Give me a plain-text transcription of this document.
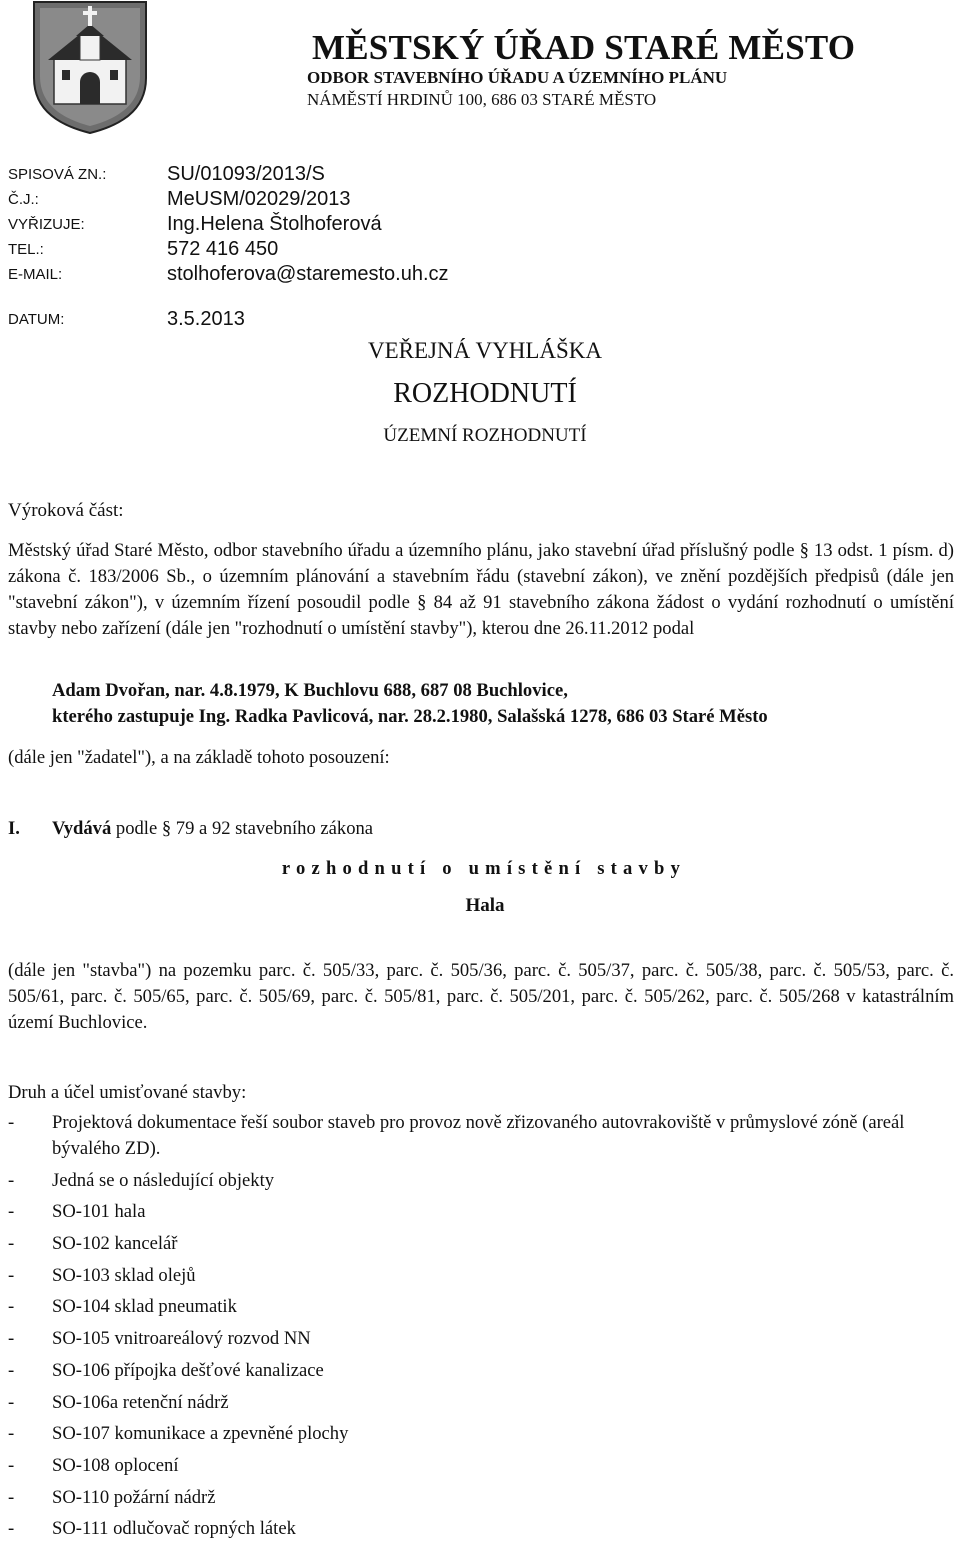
MĚSTSKÝ ÚŘAD STARÉ MĚSTO
ODBOR STAVEBNÍHO ÚŘADU A ÚZEMNÍHO PLÁNU
NÁMĚSTÍ HRDINŮ 100, 686 03 STARÉ MĚSTO
SPISOVÁ ZN.:	SU/01093/2013/S
Č.J.:	MeUSM/02029/2013
VYŘIZUJE:	Ing.Helena Štolhoferová
TEL.:	572 416 450
E-MAIL:	stolhoferova@staremesto.uh.cz
DATUM:	3.5.2013
VEŘEJNÁ VYHLÁŠKA
ROZHODNUTÍ
ÚZEMNÍ ROZHODNUTÍ
Výroková část:

Městský úřad Staré Město, odbor stavebního úřadu a územního plánu, jako stavební úřad příslušný podle § 13 odst. 1 písm. d) zákona č. 183/2006 Sb., o územním plánování a stavebním řádu (stavební zákon), ve znění pozdějších předpisů (dále jen "stavební zákon"), v územním řízení posoudil podle § 84 až 91 stavebního zákona žádost o vydání rozhodnutí o umístění stavby nebo zařízení (dále jen "rozhodnutí o umístění stavby"), kterou dne 26.11.2012 podal

Adam Dvořan, nar. 4.8.1979, K Buchlovu 688, 687 08 Buchlovice,
kterého zastupuje Ing. Radka Pavlicová, nar. 28.2.1980, Salašská 1278, 686 03 Staré Město
(dále jen "žadatel"), a na základě tohoto posouzení:
I. Vydává podle § 79 a 92 stavebního zákona
rozhodnutí o umístění stavby
Hala

(dále jen "stavba") na pozemku parc. č. 505/33, parc. č. 505/36, parc. č. 505/37, parc. č. 505/38, parc. č. 505/53, parc. č. 505/61, parc. č. 505/65, parc. č. 505/69, parc. č. 505/81, parc. č. 505/201, parc. č. 505/262, parc. č. 505/268 v katastrálním území Buchlovice.

Druh a účel umisťované stavby:
- Projektová dokumentace řeší soubor staveb pro provoz nově zřizovaného autovrakoviště v průmyslové zóně (areál bývalého ZD).
- Jedná se o následující objekty
- SO-101 hala
- SO-102 kancelář
- SO-103 sklad olejů
- SO-104 sklad pneumatik
- SO-105 vnitroareálový rozvod NN
- SO-106 přípojka dešťové kanalizace
- SO-106a retenční nádrž
- SO-107 komunikace a zpevněné plochy
- SO-108 oplocení
- SO-110 požární nádrž
- SO-111 odlučovač ropných látek
